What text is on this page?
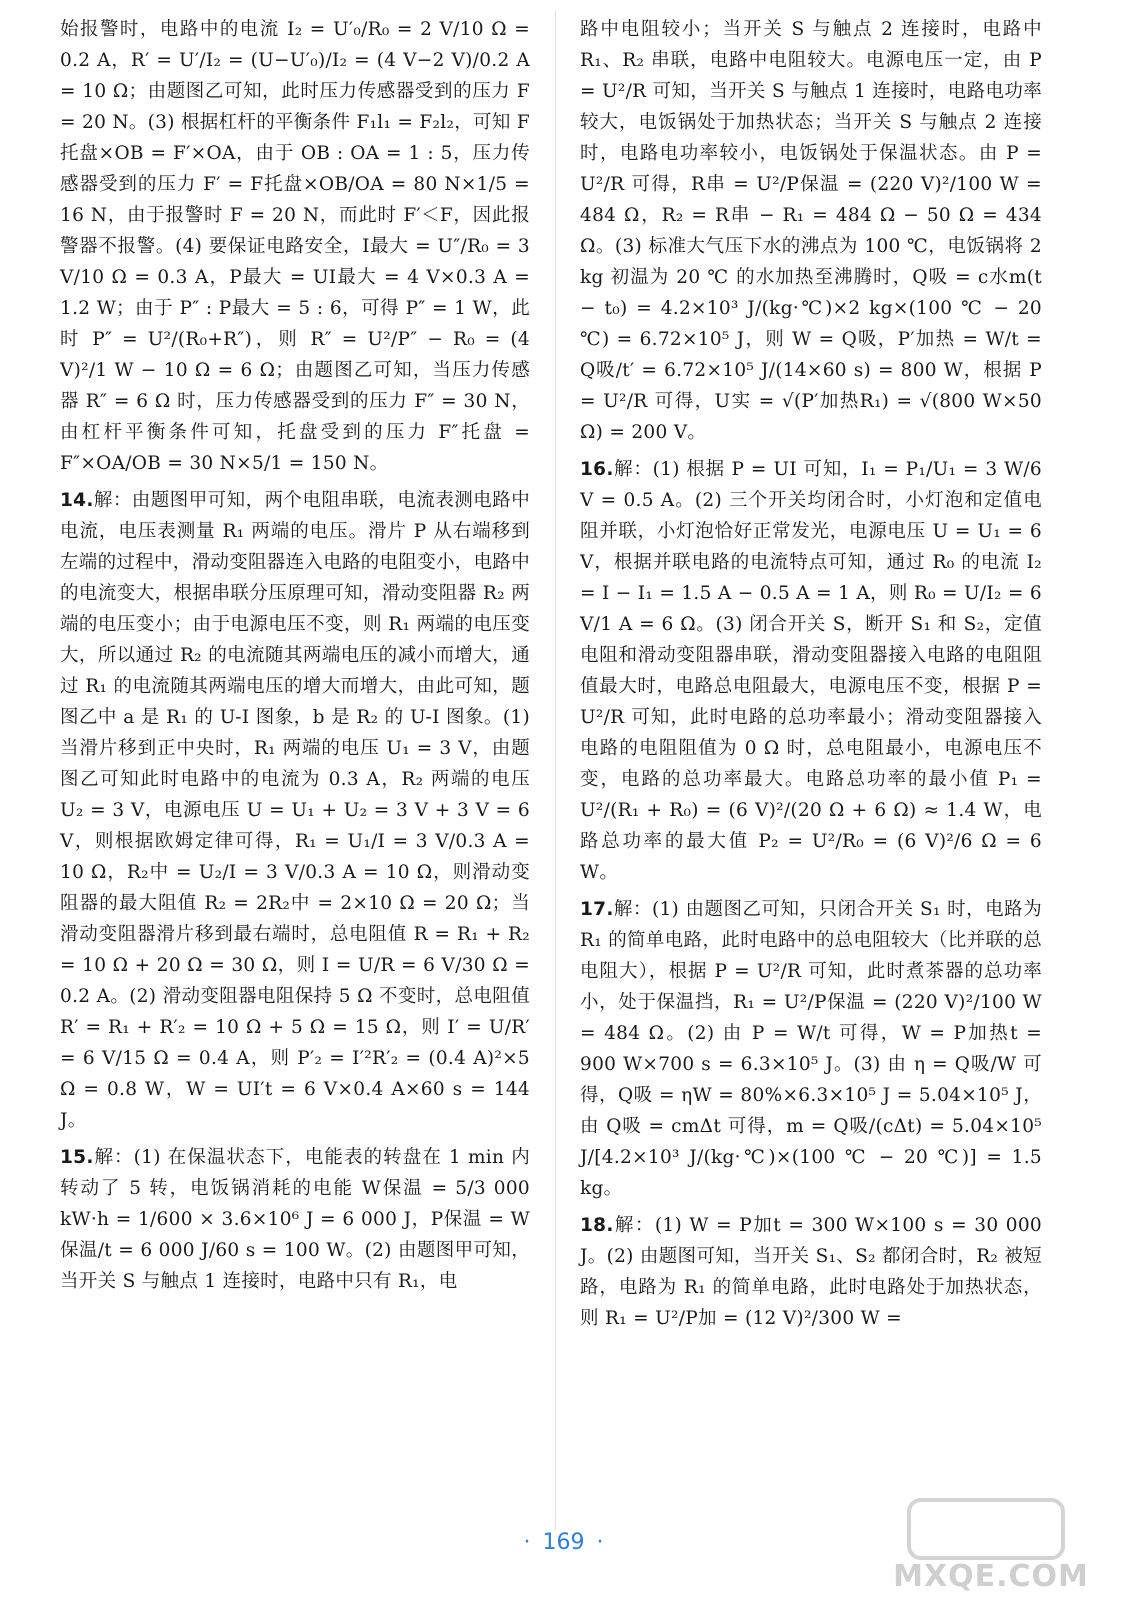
始报警时，电路中的电流 I₂ = U′₀/R₀ = 2 V/10 Ω = 0.2 A，R′ = U′/I₂ = (U−U′₀)/I₂ = (4 V−2 V)/0.2 A = 10 Ω；由题图乙可知，此时压力传感器受到的压力 F = 20 N。(3) 根据杠杆的平衡条件 F₁l₁ = F₂l₂，可知 F托盘×OB = F′×OA，由于 OB : OA = 1 : 5，压力传感器受到的压力 F′ = F托盘×OB/OA = 80 N×1/5 = 16 N，由于报警时 F = 20 N，而此时 F′＜F，因此报警器不报警。(4) 要保证电路安全，I最大 = U″/R₀ = 3 V/10 Ω = 0.3 A，P最大 = UI最大 = 4 V×0.3 A = 1.2 W；由于 P″ : P最大 = 5 : 6，可得 P″ = 1 W，此时 P″ = U²/(R₀+R″)，则 R″ = U²/P″ − R₀ = (4 V)²/1 W − 10 Ω = 6 Ω；由题图乙可知，当压力传感器 R″ = 6 Ω 时，压力传感器受到的压力 F″ = 30 N，由杠杆平衡条件可知，托盘受到的压力 F″托盘 = F″×OA/OB = 30 N×5/1 = 150 N。

14.解：由题图甲可知，两个电阻串联，电流表测电路中电流，电压表测量 R₁ 两端的电压。滑片 P 从右端移到左端的过程中，滑动变阻器连入电路的电阻变小，电路中的电流变大，根据串联分压原理可知，滑动变阻器 R₂ 两端的电压变小；由于电源电压不变，则 R₁ 两端的电压变大，所以通过 R₂ 的电流随其两端电压的减小而增大，通过 R₁ 的电流随其两端电压的增大而增大，由此可知，题图乙中 a 是 R₁ 的 U-I 图象，b 是 R₂ 的 U-I 图象。(1) 当滑片移到正中央时，R₁ 两端的电压 U₁ = 3 V，由题图乙可知此时电路中的电流为 0.3 A，R₂ 两端的电压 U₂ = 3 V，电源电压 U = U₁ + U₂ = 3 V + 3 V = 6 V，则根据欧姆定律可得，R₁ = U₁/I = 3 V/0.3 A = 10 Ω，R₂中 = U₂/I = 3 V/0.3 A = 10 Ω，则滑动变阻器的最大阻值 R₂ = 2R₂中 = 2×10 Ω = 20 Ω；当滑动变阻器滑片移到最右端时，总电阻值 R = R₁ + R₂ = 10 Ω + 20 Ω = 30 Ω，则 I = U/R = 6 V/30 Ω = 0.2 A。(2) 滑动变阻器电阻保持 5 Ω 不变时，总电阻值 R′ = R₁ + R′₂ = 10 Ω + 5 Ω = 15 Ω，则 I′ = U/R′ = 6 V/15 Ω = 0.4 A，则 P′₂ = I′²R′₂ = (0.4 A)²×5 Ω = 0.8 W，W = UI′t = 6 V×0.4 A×60 s = 144 J。

15.解：(1) 在保温状态下，电能表的转盘在 1 min 内转动了 5 转，电饭锅消耗的电能 W保温 = 5/3 000 kW·h = 1/600 × 3.6×10⁶ J = 6 000 J，P保温 = W保温/t = 6 000 J/60 s = 100 W。(2) 由题图甲可知，当开关 S 与触点 1 连接时，电路中只有 R₁，电

路中电阻较小；当开关 S 与触点 2 连接时，电路中 R₁、R₂ 串联，电路中电阻较大。电源电压一定，由 P = U²/R 可知，当开关 S 与触点 1 连接时，电路电功率较大，电饭锅处于加热状态；当开关 S 与触点 2 连接时，电路电功率较小，电饭锅处于保温状态。由 P = U²/R 可得，R串 = U²/P保温 = (220 V)²/100 W = 484 Ω，R₂ = R串 − R₁ = 484 Ω − 50 Ω = 434 Ω。(3) 标准大气压下水的沸点为 100 ℃，电饭锅将 2 kg 初温为 20 ℃ 的水加热至沸腾时，Q吸 = c水m(t − t₀) = 4.2×10³ J/(kg·℃)×2 kg×(100 ℃ − 20 ℃) = 6.72×10⁵ J，则 W = Q吸，P′加热 = W/t = Q吸/t′ = 6.72×10⁵ J/(14×60 s) = 800 W，根据 P = U²/R 可得，U实 = √(P′加热R₁) = √(800 W×50 Ω) = 200 V。

16.解：(1) 根据 P = UI 可知，I₁ = P₁/U₁ = 3 W/6 V = 0.5 A。(2) 三个开关均闭合时，小灯泡和定值电阻并联，小灯泡恰好正常发光，电源电压 U = U₁ = 6 V，根据并联电路的电流特点可知，通过 R₀ 的电流 I₂ = I − I₁ = 1.5 A − 0.5 A = 1 A，则 R₀ = U/I₂ = 6 V/1 A = 6 Ω。(3) 闭合开关 S，断开 S₁ 和 S₂，定值电阻和滑动变阻器串联，滑动变阻器接入电路的电阻阻值最大时，电路总电阻最大，电源电压不变，根据 P = U²/R 可知，此时电路的总功率最小；滑动变阻器接入电路的电阻阻值为 0 Ω 时，总电阻最小，电源电压不变，电路的总功率最大。电路总功率的最小值 P₁ = U²/(R₁ + R₀) = (6 V)²/(20 Ω + 6 Ω) ≈ 1.4 W，电路总功率的最大值 P₂ = U²/R₀ = (6 V)²/6 Ω = 6 W。

17.解：(1) 由题图乙可知，只闭合开关 S₁ 时，电路为 R₁ 的简单电路，此时电路中的总电阻较大（比并联的总电阻大），根据 P = U²/R 可知，此时煮茶器的总功率小，处于保温挡，R₁ = U²/P保温 = (220 V)²/100 W = 484 Ω。(2) 由 P = W/t 可得，W = P加热t = 900 W×700 s = 6.3×10⁵ J。(3) 由 η = Q吸/W 可得，Q吸 = ηW = 80%×6.3×10⁵ J = 5.04×10⁵ J，由 Q吸 = cmΔt 可得，m = Q吸/(cΔt) = 5.04×10⁵ J/[4.2×10³ J/(kg·℃)×(100 ℃ − 20 ℃)] = 1.5 kg。

18.解：(1) W = P加t = 300 W×100 s = 30 000 J。(2) 由题图可知，当开关 S₁、S₂ 都闭合时，R₂ 被短路，电路为 R₁ 的简单电路，此时电路处于加热状态，则 R₁ = U²/P加 = (12 V)²/300 W =

· 169 ·
MXQE.COM
